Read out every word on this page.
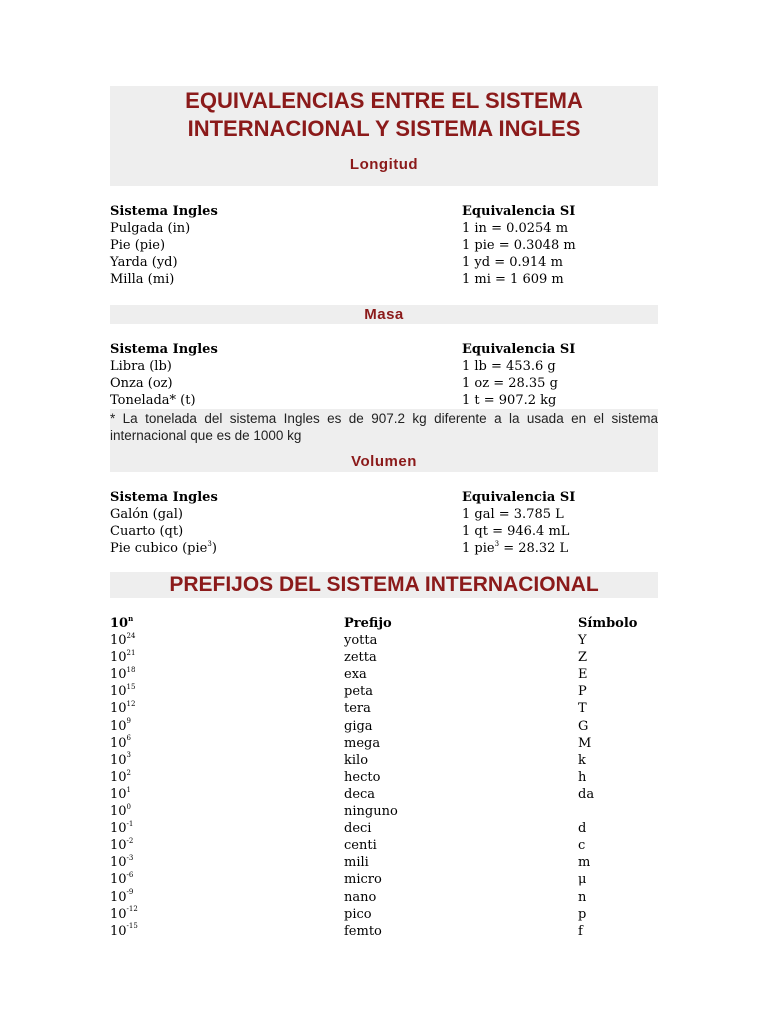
EQUIVALENCIAS ENTRE EL SISTEMA
INTERNACIONAL Y SISTEMA INGLES

Longitud

Sistema Ingles	Equivalencia SI
Pulgada (in)	1 in = 0.0254 m
Pie (pie)	1 pie = 0.3048 m
Yarda (yd)	1 yd = 0.914 m
Milla (mi)	1 mi = 1 609 m

Masa

Sistema Ingles	Equivalencia SI
Libra (lb)	1 lb = 453.6 g
Onza (oz)	1 oz = 28.35 g
Tonelada* (t)	1 t = 907.2 kg
* La tonelada del sistema Ingles es de 907.2 kg diferente a la usada en el sistema internacional que es de 1000 kg

Volumen

Sistema Ingles	Equivalencia SI
Galón (gal)	1 gal = 3.785 L
Cuarto (qt)	1 qt = 946.4 mL
Pie cubico (pie$^3$)	1 pie$^3$ = 28.32 L

PREFIJOS DEL SISTEMA INTERNACIONAL

10$^n$	Prefijo	Símbolo
$10^{24}$	yotta	Y
$10^{21}$	zetta	Z
$10^{18}$	exa	E
$10^{15}$	peta	P
$10^{12}$	tera	T
$10^9$	giga	G
$10^6$	mega	M
$10^3$	kilo	k
$10^2$	hecto	h
$10^1$	deca	da
$10^0$	ninguno
$10^{-1}$	deci	d
$10^{-2}$	centi	c
$10^{-3}$	mili	m
$10^{-6}$	micro	μ
$10^{-9}$	nano	n
$10^{-12}$	pico	p
$10^{-15}$	femto	f
